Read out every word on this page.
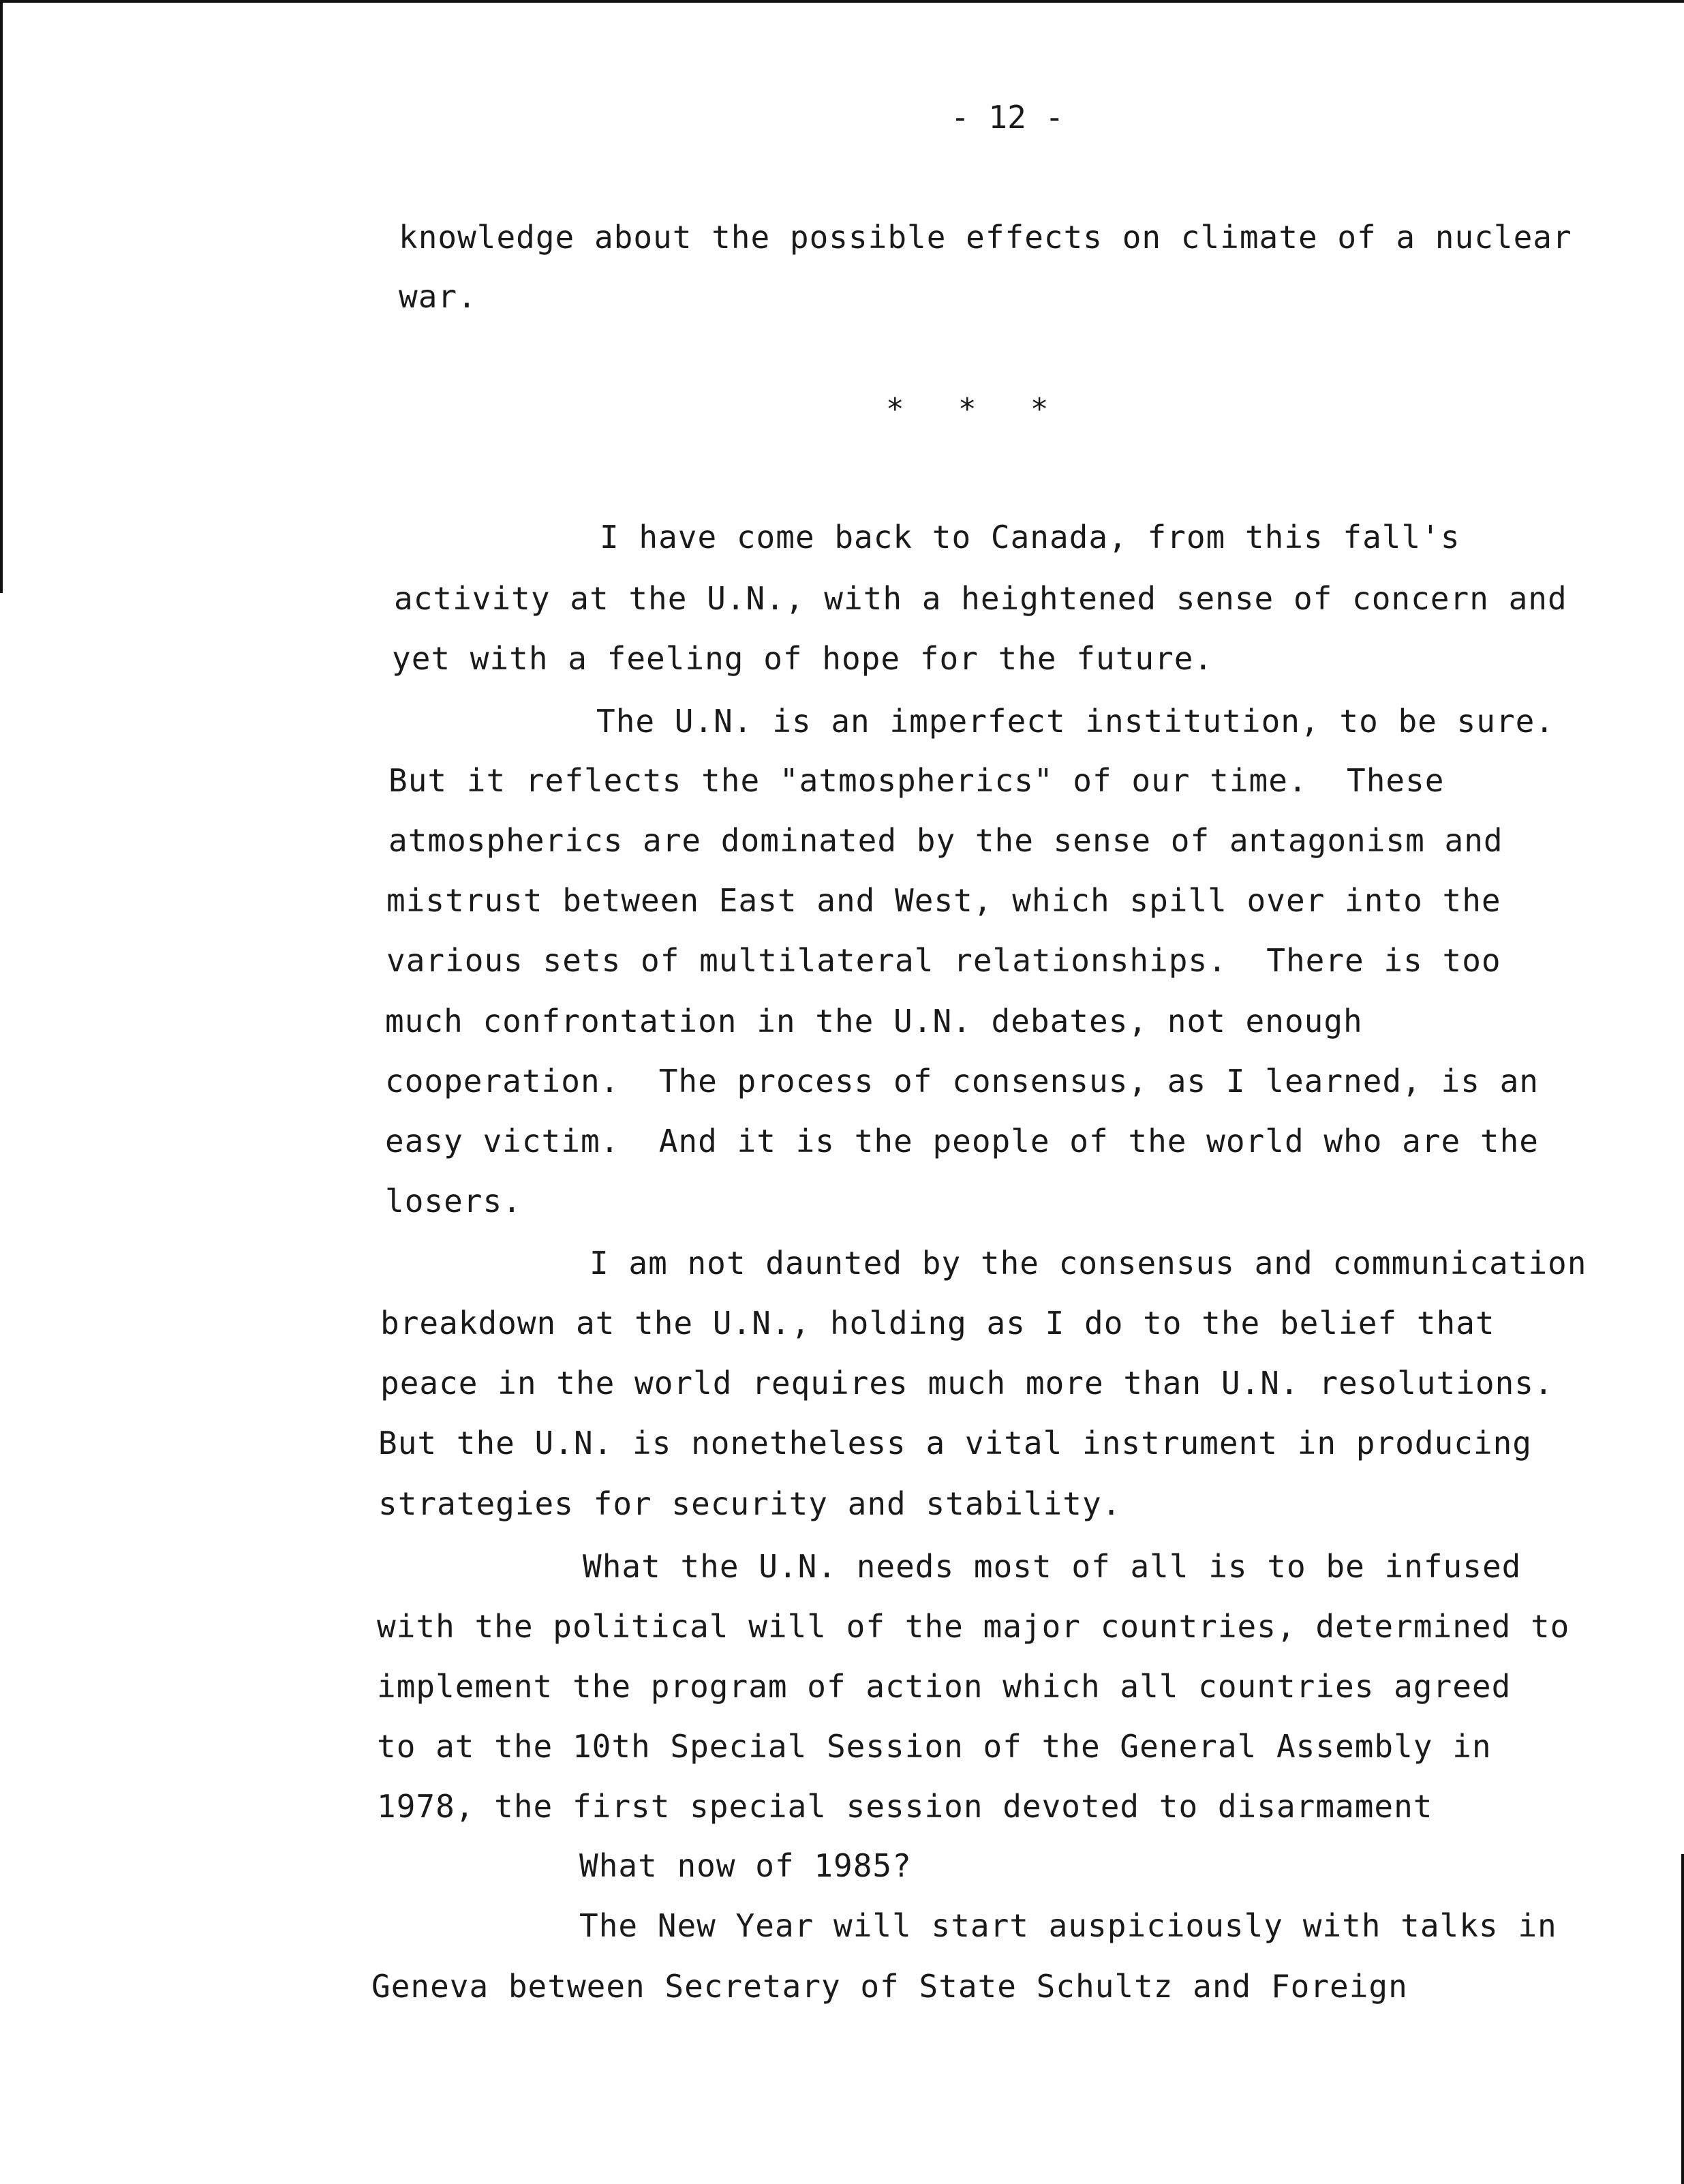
- 12 -
knowledge about the possible effects on climate of a nuclear
war.
*   *   *
I have come back to Canada, from this fall's
activity at the U.N., with a heightened sense of concern and
yet with a feeling of hope for the future.
The U.N. is an imperfect institution, to be sure.
But it reflects the "atmospherics" of our time.  These
atmospherics are dominated by the sense of antagonism and
mistrust between East and West, which spill over into the
various sets of multilateral relationships.  There is too
much confrontation in the U.N. debates, not enough
cooperation.  The process of consensus, as I learned, is an
easy victim.  And it is the people of the world who are the
losers.
I am not daunted by the consensus and communication
breakdown at the U.N., holding as I do to the belief that
peace in the world requires much more than U.N. resolutions.
But the U.N. is nonetheless a vital instrument in producing
strategies for security and stability.
What the U.N. needs most of all is to be infused
with the political will of the major countries, determined to
implement the program of action which all countries agreed
to at the 10th Special Session of the General Assembly in
1978, the first special session devoted to disarmament
What now of 1985?
The New Year will start auspiciously with talks in
Geneva between Secretary of State Schultz and Foreign
